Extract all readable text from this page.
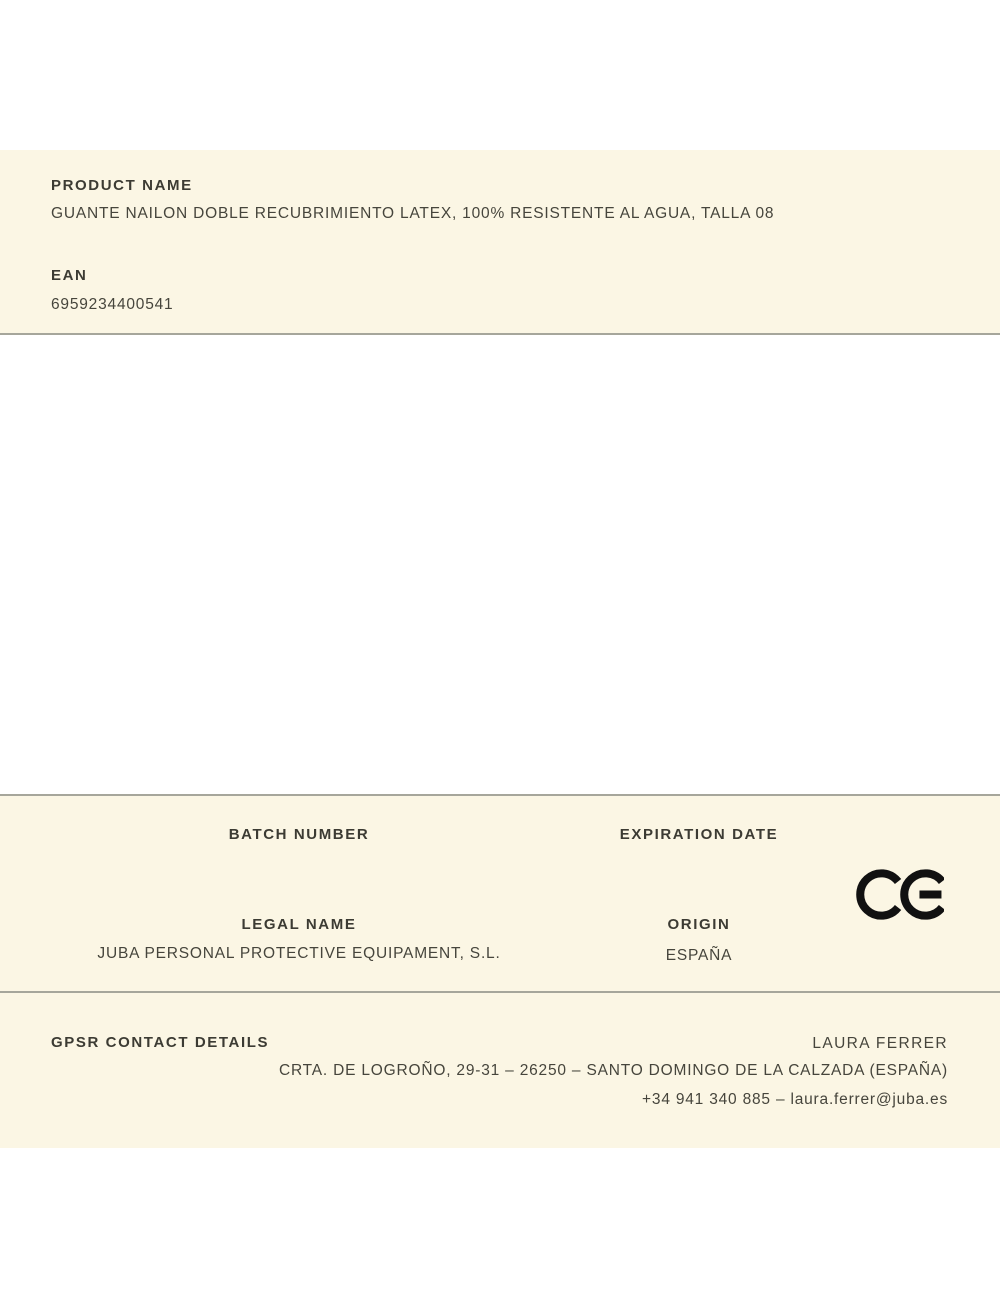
PRODUCT NAME
GUANTE NAILON DOBLE RECUBRIMIENTO LATEX, 100% RESISTENTE AL AGUA, TALLA 08
EAN
6959234400541
BATCH NUMBER	EXPIRATION DATE
LEGAL NAME
JUBA PERSONAL PROTECTIVE EQUIPAMENT, S.L.
ORIGIN
ESPAÑA
GPSR CONTACT DETAILS	LAURA FERRER
CRTA. DE LOGROÑO, 29-31 – 26250 – SANTO DOMINGO DE LA CALZADA (ESPAÑA)
+34 941 340 885 – laura.ferrer@juba.es
